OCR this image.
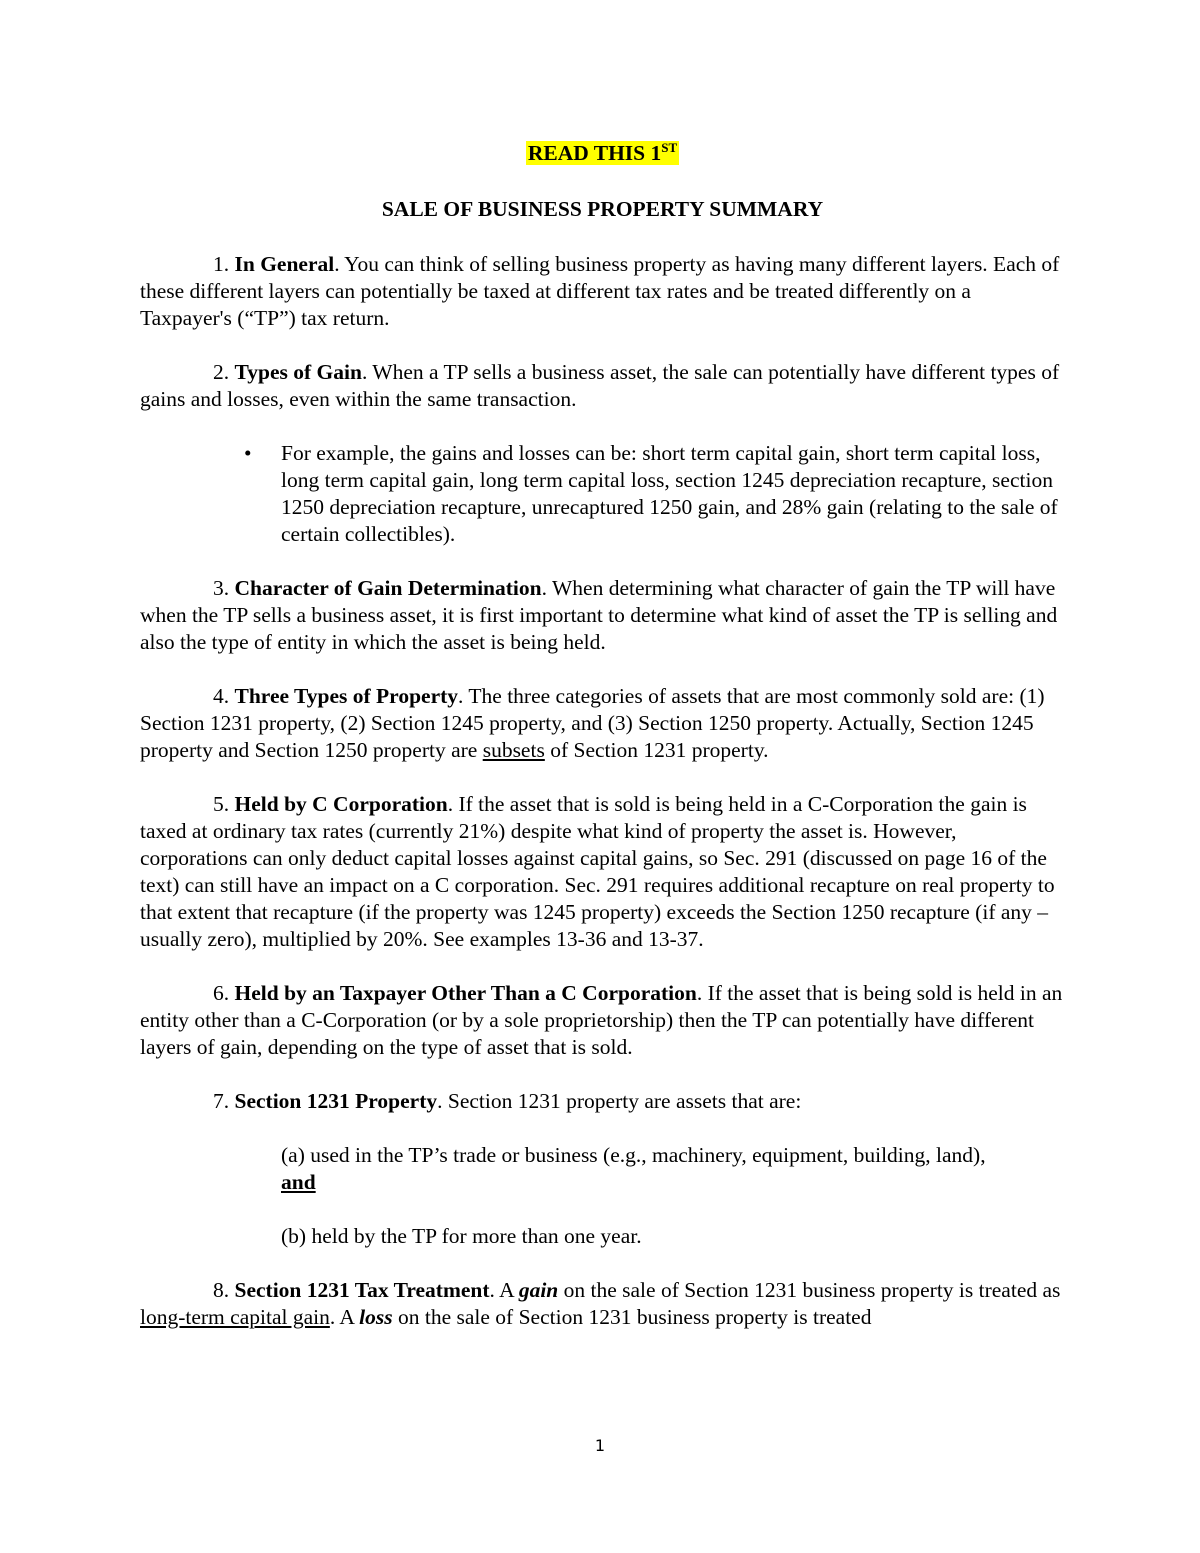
READ THIS 1ST

SALE OF BUSINESS PROPERTY SUMMARY

1. In General. You can think of selling business property as having many different layers. Each of these different layers can potentially be taxed at different tax rates and be treated differently on a Taxpayer's (“TP”) tax return.

2. Types of Gain. When a TP sells a business asset, the sale can potentially have different types of gains and losses, even within the same transaction.

• For example, the gains and losses can be: short term capital gain, short term capital loss, long term capital gain, long term capital loss, section 1245 depreciation recapture, section 1250 depreciation recapture, unrecaptured 1250 gain, and 28% gain (relating to the sale of certain collectibles).

3. Character of Gain Determination. When determining what character of gain the TP will have when the TP sells a business asset, it is first important to determine what kind of asset the TP is selling and also the type of entity in which the asset is being held.

4. Three Types of Property. The three categories of assets that are most commonly sold are: (1) Section 1231 property, (2) Section 1245 property, and (3) Section 1250 property. Actually, Section 1245 property and Section 1250 property are subsets of Section 1231 property.

5. Held by C Corporation. If the asset that is sold is being held in a C-Corporation the gain is taxed at ordinary tax rates (currently 21%) despite what kind of property the asset is. However, corporations can only deduct capital losses against capital gains, so Sec. 291 (discussed on page 16 of the text) can still have an impact on a C corporation. Sec. 291 requires additional recapture on real property to that extent that recapture (if the property was 1245 property) exceeds the Section 1250 recapture (if any – usually zero), multiplied by 20%. See examples 13-36 and 13-37.

6. Held by an Taxpayer Other Than a C Corporation. If the asset that is being sold is held in an entity other than a C-Corporation (or by a sole proprietorship) then the TP can potentially have different layers of gain, depending on the type of asset that is sold.

7. Section 1231 Property. Section 1231 property are assets that are:

(a) used in the TP’s trade or business (e.g., machinery, equipment, building, land),
and

(b) held by the TP for more than one year.

8. Section 1231 Tax Treatment. A gain on the sale of Section 1231 business property is treated as long-term capital gain. A loss on the sale of Section 1231 business property is treated

1
